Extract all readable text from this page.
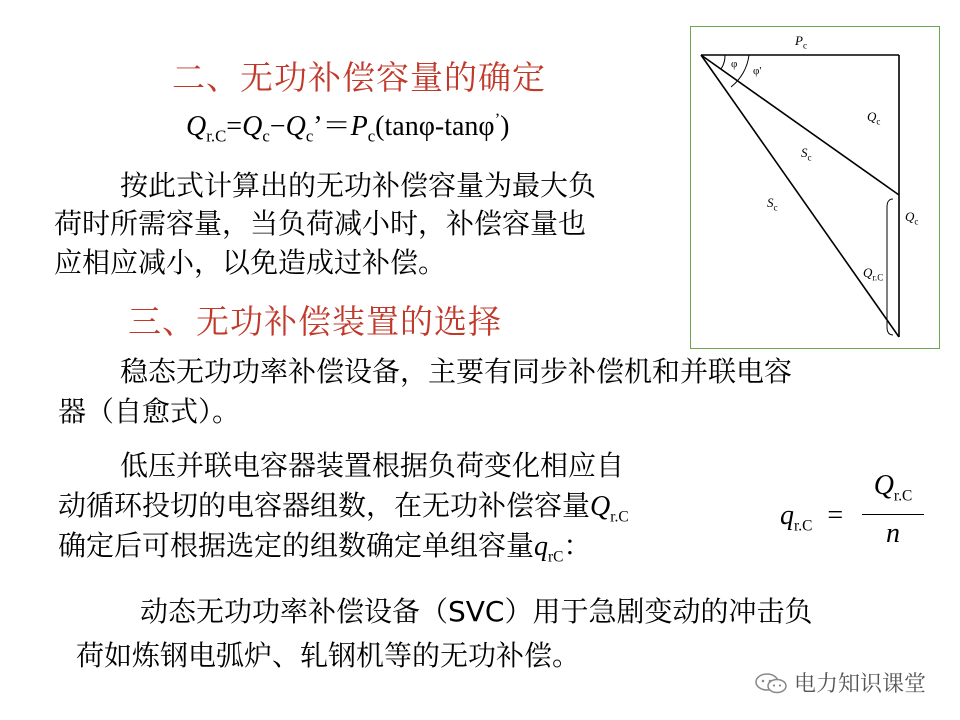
二、无功补偿容量的确定
$Q_{r.C}=Q_c-Q_c’=P_c(\tan\varphi-\tan\varphi^’)$
按此式计算出的无功补偿容量为最大负
荷时所需容量，当负荷减小时，补偿容量也
应相应减小，以免造成过补偿。
三、无功补偿装置的选择
稳态无功功率补偿设备，主要有同步补偿机和并联电容
器（自愈式）。
低压并联电容器装置根据负荷变化相应自
动循环投切的电容器组数，在无功补偿容量$Q_{r.C}$
确定后可根据选定的组数确定单组容量$q_{rC}$：
$q_{r.C}$ =
$Q_{r.C}$
n
动态无功功率补偿设备（SVC）用于急剧变动的冲击负
荷如炼钢电弧炉、轧钢机等的无功补偿。
$P_c$
φ
φ'
$Q_c$
$S_c$
$S_c$
$Q_c$
$Q_{r.C}$
电力知识课堂
